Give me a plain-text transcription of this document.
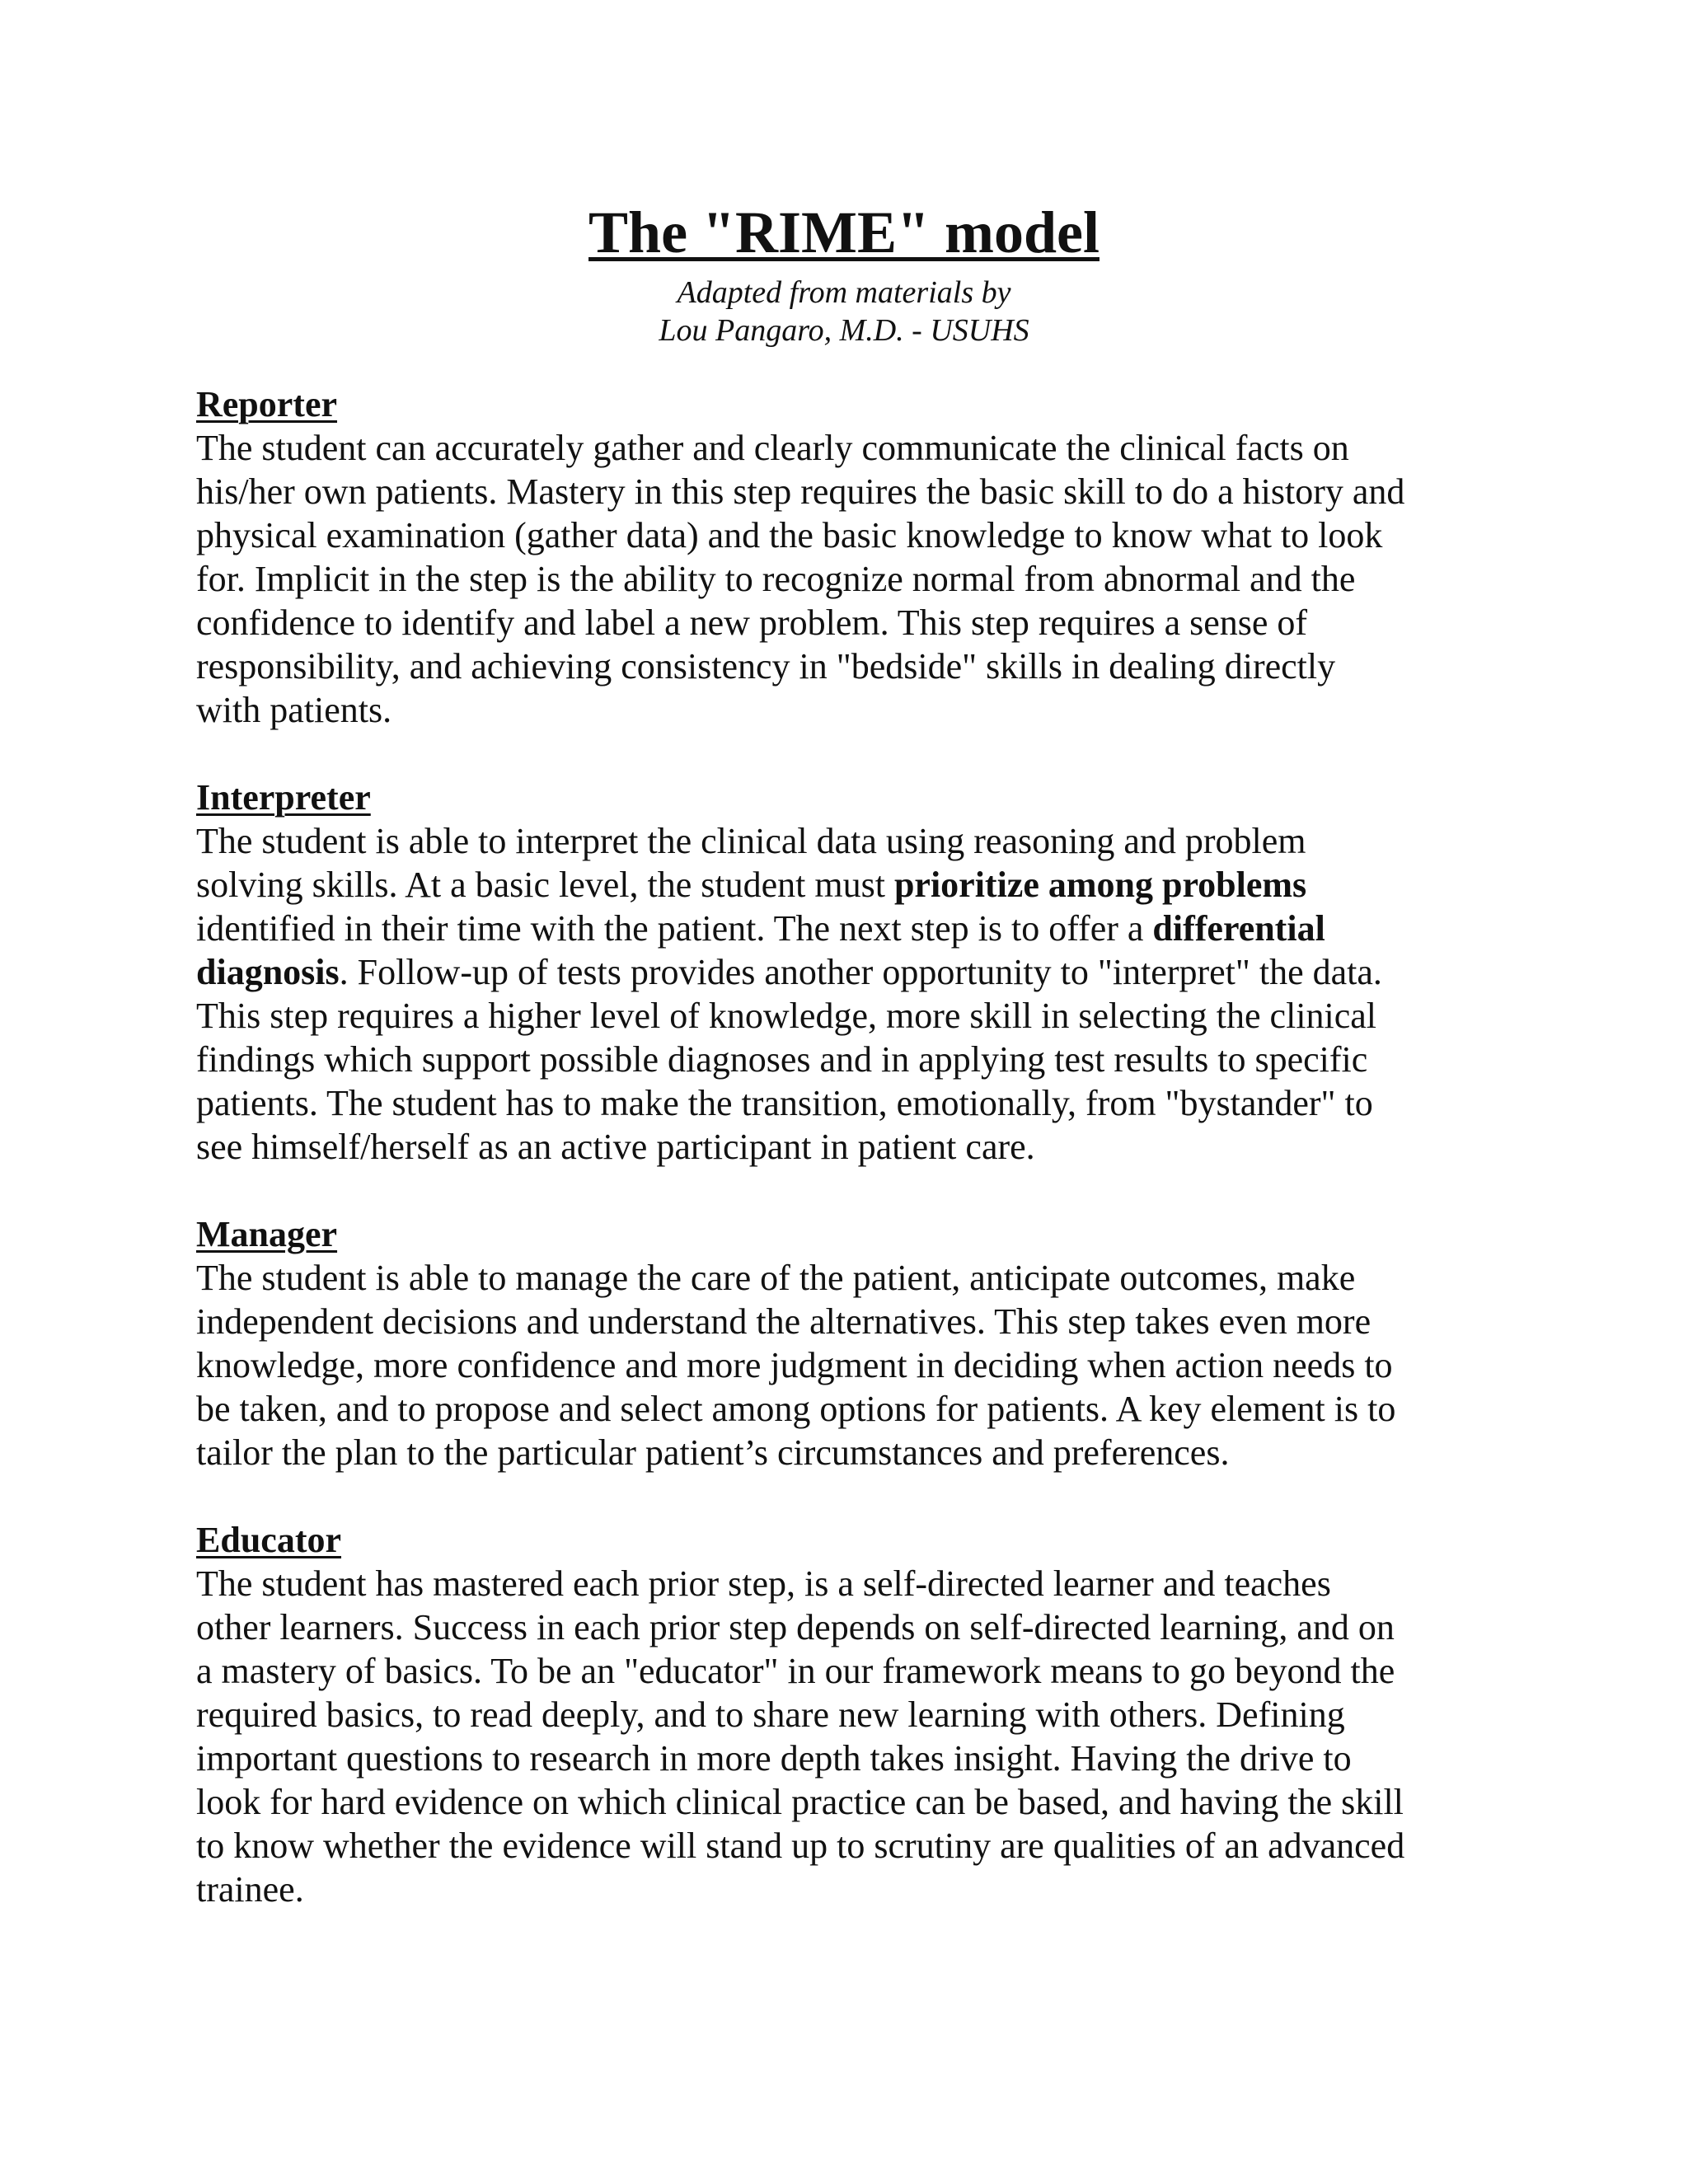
The "RIME" model

Adapted from materials by

Lou Pangaro, M.D. - USUHS

Reporter
The student can accurately gather and clearly communicate the clinical facts on
his/her own patients. Mastery in this step requires the basic skill to do a history and
physical examination (gather data) and the basic knowledge to know what to look
for. Implicit in the step is the ability to recognize normal from abnormal and the
confidence to identify and label a new problem. This step requires a sense of
responsibility, and achieving consistency in "bedside" skills in dealing directly
with patients.
Interpreter
The student is able to interpret the clinical data using reasoning and problem
solving skills. At a basic level, the student must prioritize among problems
identified in their time with the patient. The next step is to offer a differential
diagnosis. Follow-up of tests provides another opportunity to "interpret" the data.
This step requires a higher level of knowledge, more skill in selecting the clinical
findings which support possible diagnoses and in applying test results to specific
patients. The student has to make the transition, emotionally, from "bystander" to
see himself/herself as an active participant in patient care.
Manager
The student is able to manage the care of the patient, anticipate outcomes, make
independent decisions and understand the alternatives. This step takes even more
knowledge, more confidence and more judgment in deciding when action needs to
be taken, and to propose and select among options for patients. A key element is to
tailor the plan to the particular patient’s circumstances and preferences.
Educator
The student has mastered each prior step, is a self-directed learner and teaches
other learners. Success in each prior step depends on self-directed learning, and on
a mastery of basics. To be an "educator" in our framework means to go beyond the
required basics, to read deeply, and to share new learning with others. Defining
important questions to research in more depth takes insight. Having the drive to
look for hard evidence on which clinical practice can be based, and having the skill
to know whether the evidence will stand up to scrutiny are qualities of an advanced
trainee.
